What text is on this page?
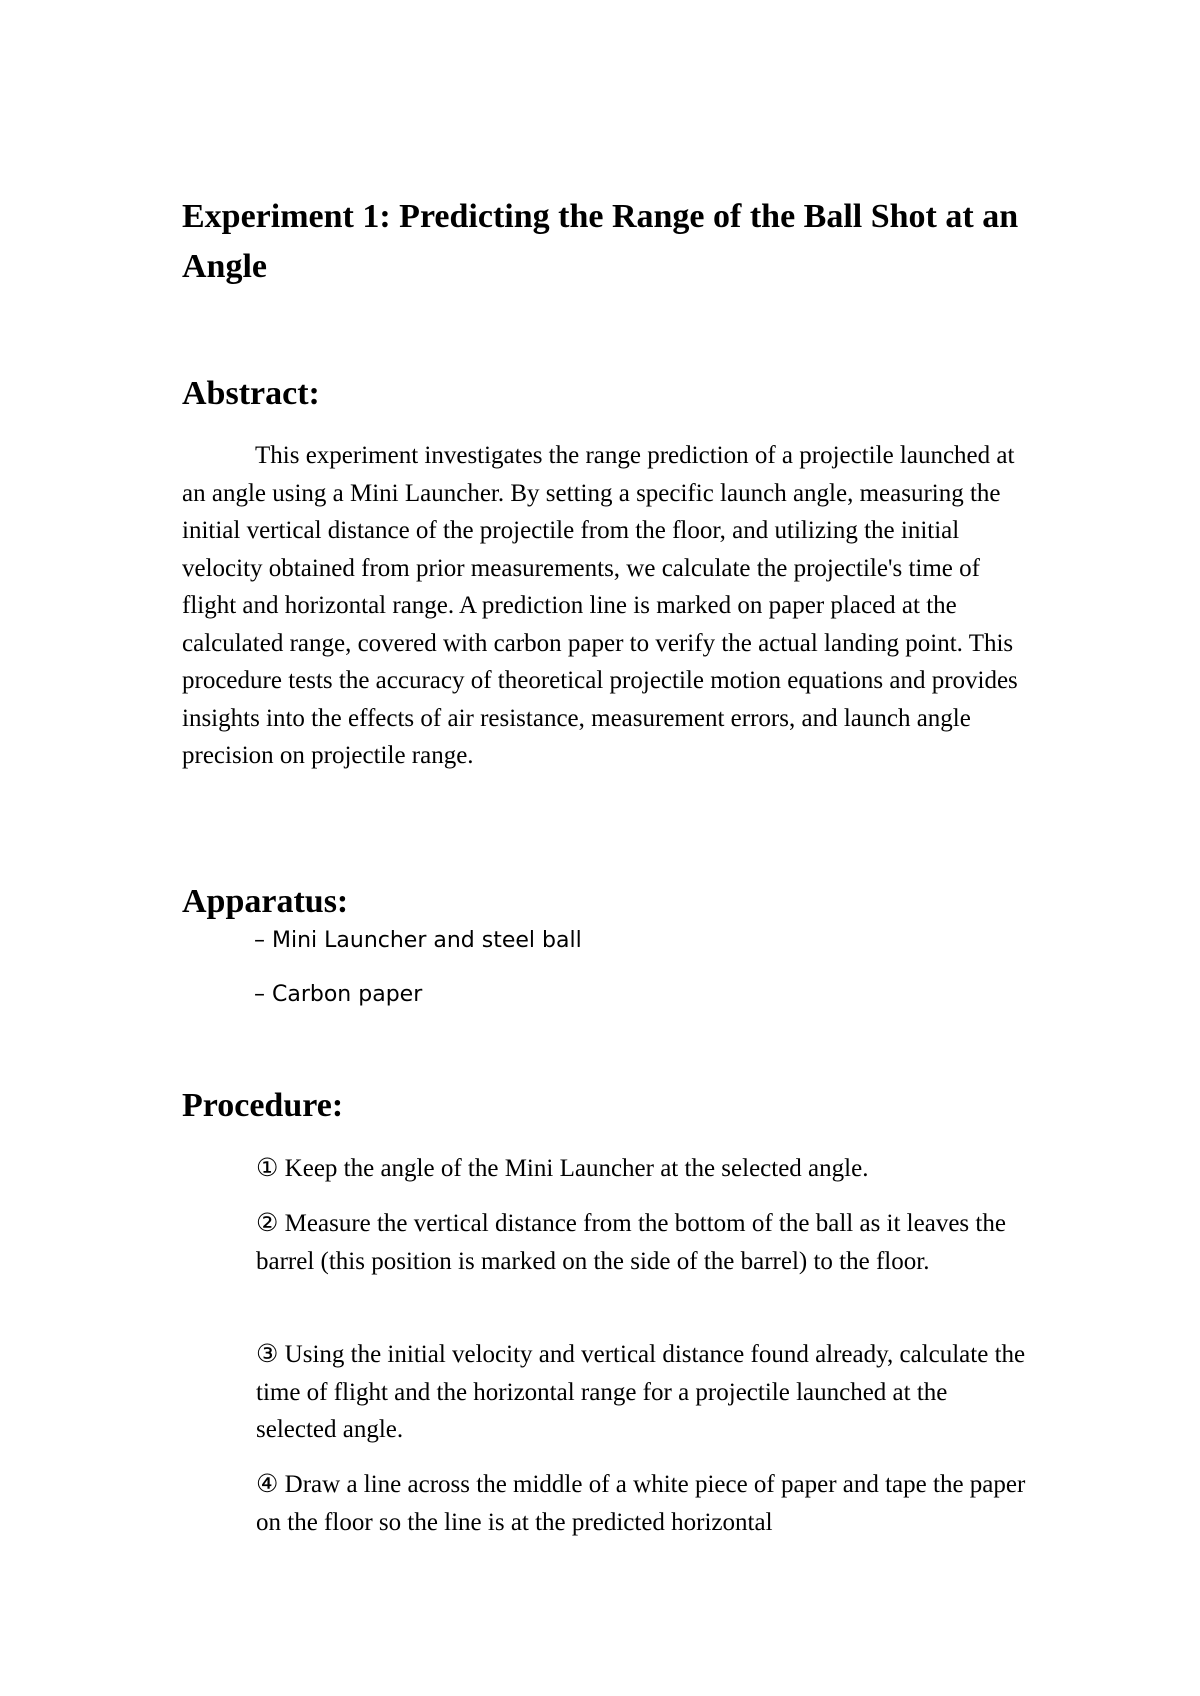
Experiment 1: Predicting the Range of the Ball Shot at an Angle
Abstract:

This experiment investigates the range prediction of a projectile launched at an angle using a Mini Launcher. By setting a specific launch angle, measuring the initial vertical distance of the projectile from the floor, and utilizing the initial velocity obtained from prior measurements, we calculate the projectile's time of flight and horizontal range. A prediction line is marked on paper placed at the calculated range, covered with carbon paper to verify the actual landing point. This procedure tests the accuracy of theoretical projectile motion equations and provides insights into the effects of air resistance, measurement errors, and launch angle precision on projectile range.

Apparatus:
– Mini Launcher and steel ball
– Carbon paper
Procedure:

① Keep the angle of the Mini Launcher at the selected angle.

② Measure the vertical distance from the bottom of the ball as it leaves the barrel (this position is marked on the side of the barrel) to the floor.

③ Using the initial velocity and vertical distance found already, calculate the time of flight and the horizontal range for a projectile launched at the selected angle.

④ Draw a line across the middle of a white piece of paper and tape the paper on the floor so the line is at the predicted horizontal
